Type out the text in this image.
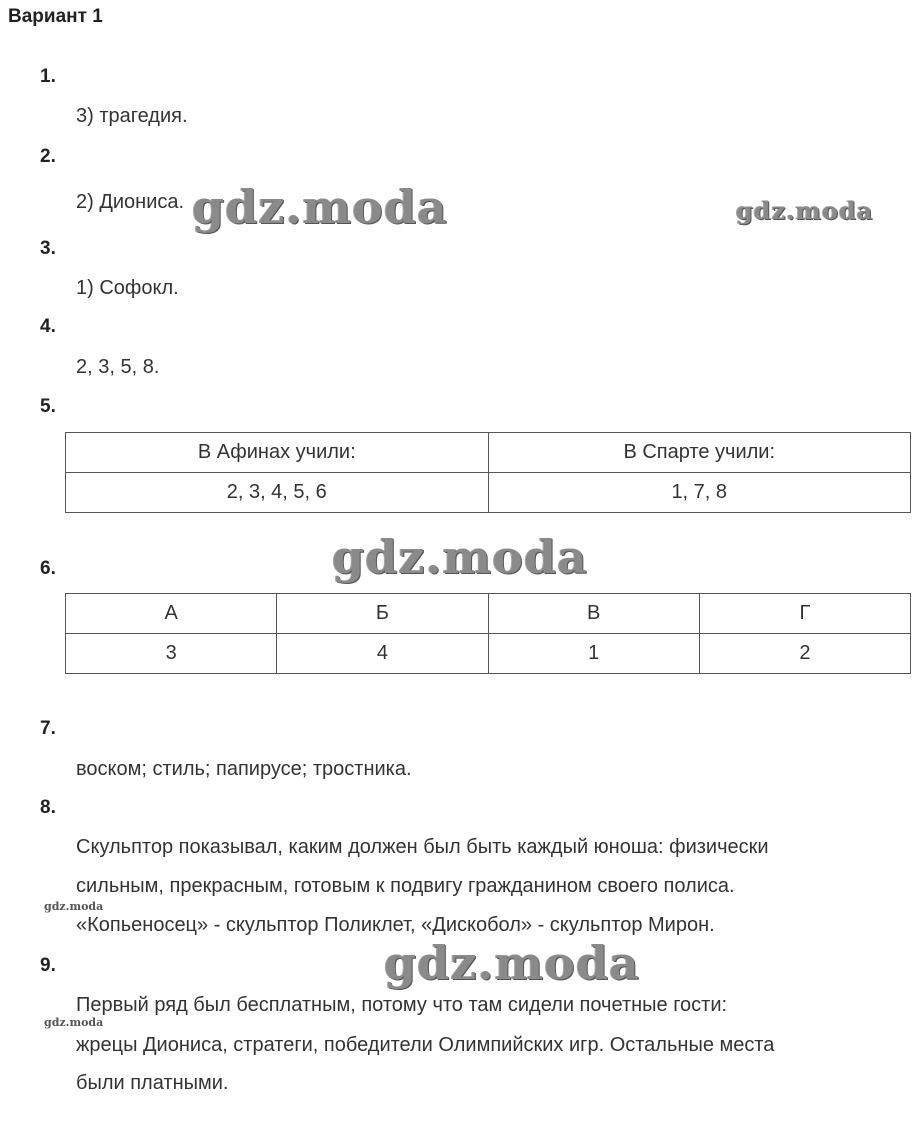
Вариант 1
1.
3) трагедия.
2.
2) Диониса.
3.
1) Софокл.
4.
2, 3, 5, 8.
5.
В Афинах учили:	В Спарте учили:
2, 3, 4, 5, 6	1, 7, 8
6.
А	Б	В	Г
3	4	1	2
7.
воском; стиль; папирусе; тростника.
8.
Скульптор показывал, каким должен был быть каждый юноша: физически
сильным, прекрасным, готовым к подвигу гражданином своего полиса.
«Копьеносец» - скульптор Поликлет, «Дискобол» - скульптор Мирон.
9.
Первый ряд был бесплатным, потому что там сидели почетные гости:
жрецы Диониса, стратеги, победители Олимпийских игр. Остальные места
были платными.
gdz.moda	gdz.moda
gdz.moda
gdz.moda
gdz.moda
gdz.moda
